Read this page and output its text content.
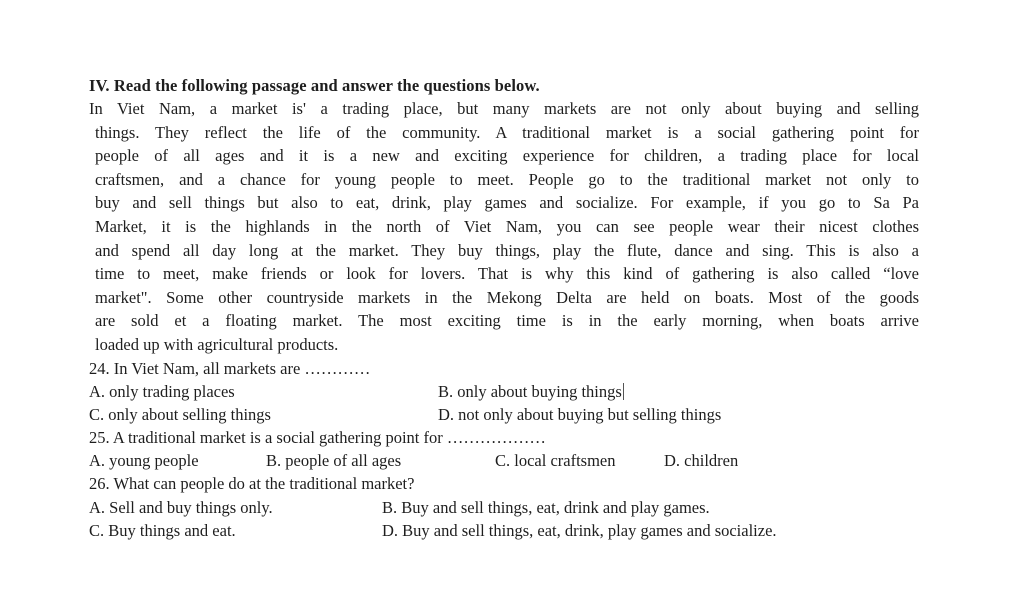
IV. Read the following passage and answer the questions below.
In Viet Nam, a market is' a trading place, but many markets are not only about buying and selling
things. They reflect the life of the community. A traditional market is a social gathering point for
people of all ages and it is a new and exciting experience for children, a trading place for local
craftsmen, and a chance for young people to meet. People go to the traditional market not only to
buy and sell things but also to eat, drink, play games and socialize. For example, if you go to Sa Pa
Market, it is the highlands in the north of Viet Nam, you can see people wear their nicest clothes
and spend all day long at the market. They buy things, play the flute, dance and sing. This is also a
time to meet, make friends or look for lovers. That is why this kind of gathering is also called “love
market". Some other countryside markets in the Mekong Delta are held on boats. Most of the goods
are sold et a floating market. The most exciting time is in the early morning, when boats arrive
loaded up with agricultural products.
24. In Viet Nam, all markets are …………
A. only trading places	B. only about buying things
C. only about selling things	D. not only about buying but selling things
25. A traditional market is a social gathering point for ………………
A. young people	B. people of all ages	C. local craftsmen	D. children
26. What can people do at the traditional market?
A. Sell and buy things only.	B. Buy and sell things, eat, drink and play games.
C. Buy things and eat.	D. Buy and sell things, eat, drink, play games and socialize.
